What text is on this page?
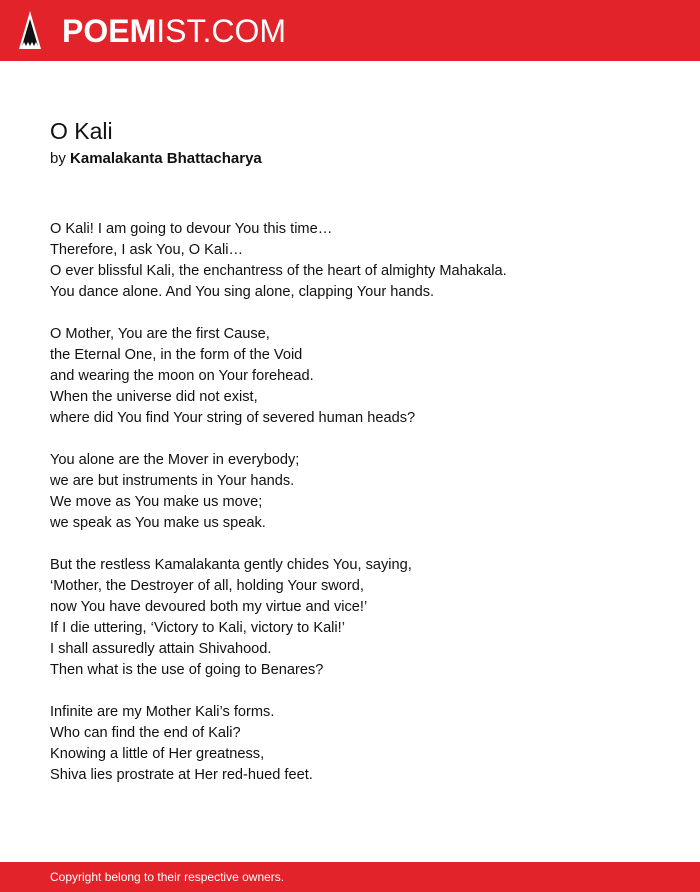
POEMIST.COM
O Kali
by Kamalakanta Bhattacharya
O Kali! I am going to devour You this time…
Therefore, I ask You, O Kali…
O ever blissful Kali, the enchantress of the heart of almighty Mahakala.
You dance alone. And You sing alone, clapping Your hands.
O Mother, You are the first Cause,
the Eternal One, in the form of the Void
and wearing the moon on Your forehead.
When the universe did not exist,
where did You find Your string of severed human heads?
You alone are the Mover in everybody;
we are but instruments in Your hands.
We move as You make us move;
we speak as You make us speak.
But the restless Kamalakanta gently chides You, saying,
‘Mother, the Destroyer of all, holding Your sword,
now You have devoured both my virtue and vice!’
If I die uttering, ‘Victory to Kali, victory to Kali!’
I shall assuredly attain Shivahood.
Then what is the use of going to Benares?
Infinite are my Mother Kali’s forms.
Who can find the end of Kali?
Knowing a little of Her greatness,
Shiva lies prostrate at Her red-hued feet.
Copyright belong to their respective owners.
